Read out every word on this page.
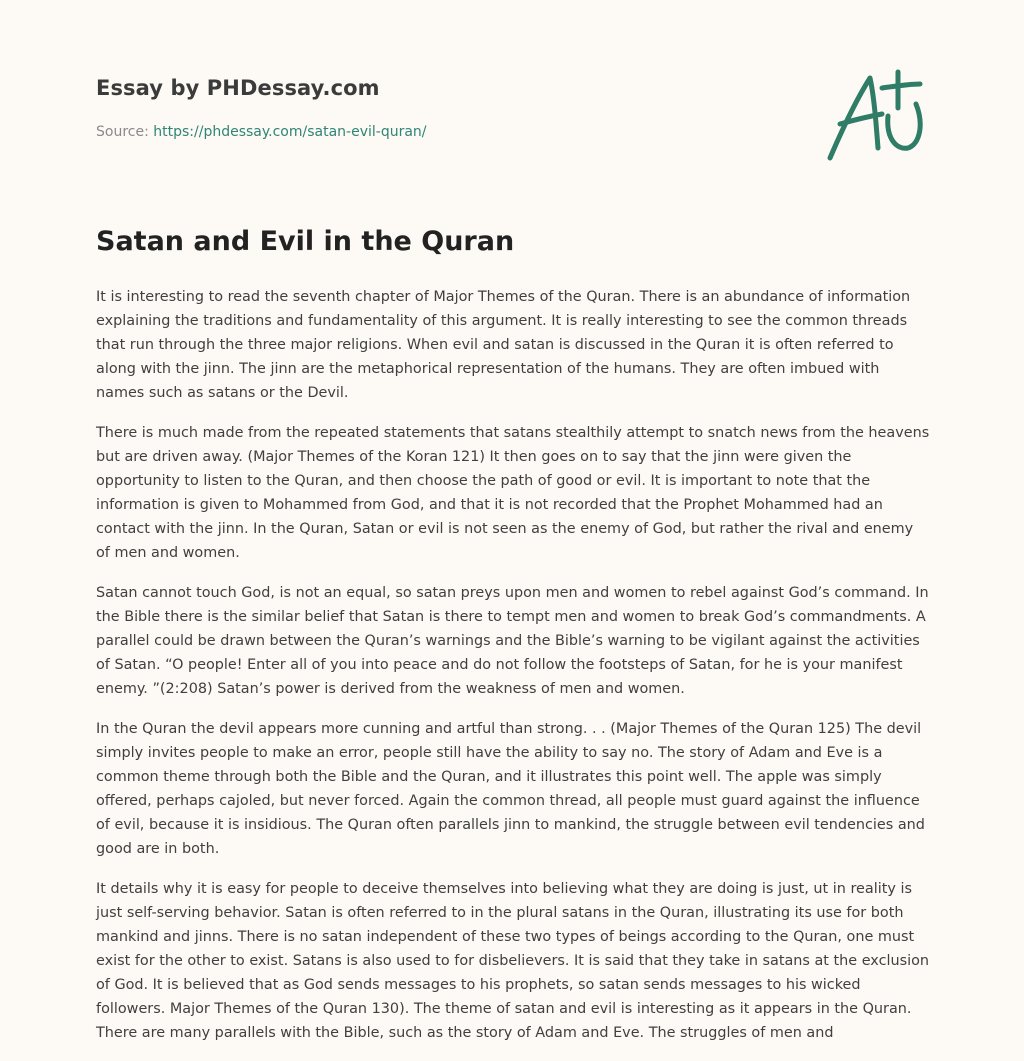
Essay by PHDessay.com

Source: https://phdessay.com/satan-evil-quran/

Satan and Evil in the Quran

It is interesting to read the seventh chapter of Major Themes of the Quran. There is an abundance of information explaining the traditions and fundamentality of this argument. It is really interesting to see the common threads that run through the three major religions. When evil and satan is discussed in the Quran it is often referred to along with the jinn. The jinn are the metaphorical representation of the humans. They are often imbued with names such as satans or the Devil.

There is much made from the repeated statements that satans stealthily attempt to snatch news from the heavens but are driven away. (Major Themes of the Koran 121) It then goes on to say that the jinn were given the opportunity to listen to the Quran, and then choose the path of good or evil. It is important to note that the information is given to Mohammed from God, and that it is not recorded that the Prophet Mohammed had an contact with the jinn. In the Quran, Satan or evil is not seen as the enemy of God, but rather the rival and enemy of men and women.

Satan cannot touch God, is not an equal, so satan preys upon men and women to rebel against God’s command. In the Bible there is the similar belief that Satan is there to tempt men and women to break God’s commandments. A parallel could be drawn between the Quran’s warnings and the Bible’s warning to be vigilant against the activities of Satan. “O people! Enter all of you into peace and do not follow the footsteps of Satan, for he is your manifest enemy. ”(2:208) Satan’s power is derived from the weakness of men and women.

In the Quran the devil appears more cunning and artful than strong. . . (Major Themes of the Quran 125) The devil simply invites people to make an error, people still have the ability to say no. The story of Adam and Eve is a common theme through both the Bible and the Quran, and it illustrates this point well. The apple was simply offered, perhaps cajoled, but never forced. Again the common thread, all people must guard against the influence of evil, because it is insidious. The Quran often parallels jinn to mankind, the struggle between evil tendencies and good are in both.

It details why it is easy for people to deceive themselves into believing what they are doing is just, ut in reality is just self-serving behavior. Satan is often referred to in the plural satans in the Quran, illustrating its use for both mankind and jinns. There is no satan independent of these two types of beings according to the Quran, one must exist for the other to exist. Satans is also used to for disbelievers. It is said that they take in satans at the exclusion of God. It is believed that as God sends messages to his prophets, so satan sends messages to his wicked followers. Major Themes of the Quran 130). The theme of satan and evil is interesting as it appears in the Quran. There are many parallels with the Bible, such as the story of Adam and Eve. The struggles of men and
